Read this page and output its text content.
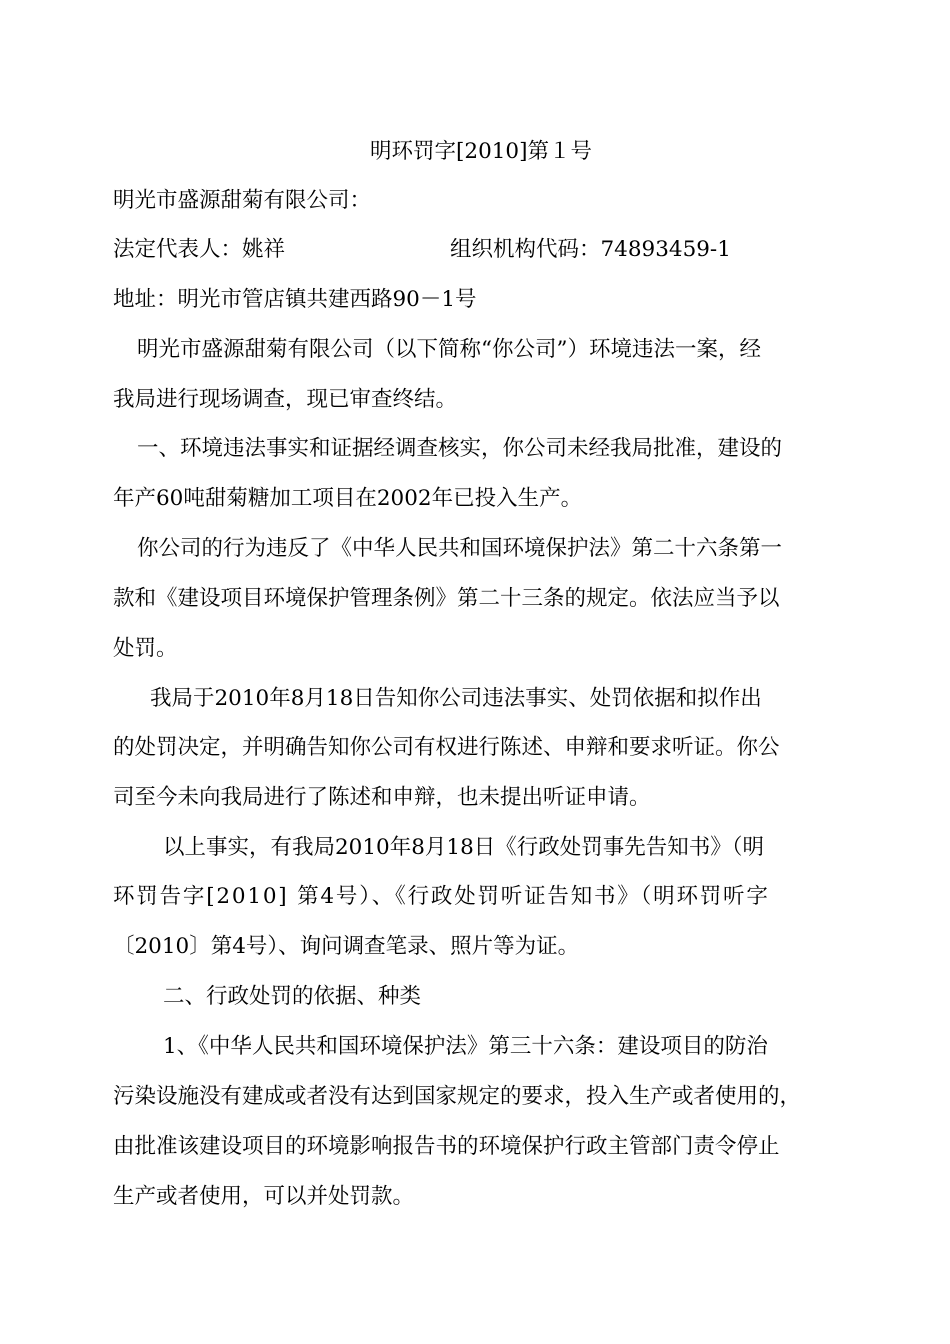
明环罚字[2010]第１号
明光市盛源甜菊有限公司：
法定代表人：姚祥	组织机构代码：74893459-1
地址：明光市管店镇共建西路90－1号
明光市盛源甜菊有限公司（以下简称“你公司”）环境违法一案，经
我局进行现场调查，现已审查终结。
一、环境违法事实和证据经调查核实，你公司未经我局批准，建设的
年产60吨甜菊糖加工项目在2002年已投入生产。
你公司的行为违反了《中华人民共和国环境保护法》第二十六条第一
款和《建设项目环境保护管理条例》第二十三条的规定。依法应当予以
处罚。
我局于2010年8月18日告知你公司违法事实、处罚依据和拟作出
的处罚决定，并明确告知你公司有权进行陈述、申辩和要求听证。你公
司至今未向我局进行了陈述和申辩，也未提出听证申请。
以上事实，有我局2010年8月18日《行政处罚事先告知书》（明
环罚告字[2010] 第4号）、《行政处罚听证告知书》（明环罚听字
〔2010〕第4号）、询问调查笔录、照片等为证。
二、行政处罚的依据、种类
1、《中华人民共和国环境保护法》第三十六条：建设项目的防治
污染设施没有建成或者没有达到国家规定的要求，投入生产或者使用的，
由批准该建设项目的环境影响报告书的环境保护行政主管部门责令停止
生产或者使用，可以并处罚款。
